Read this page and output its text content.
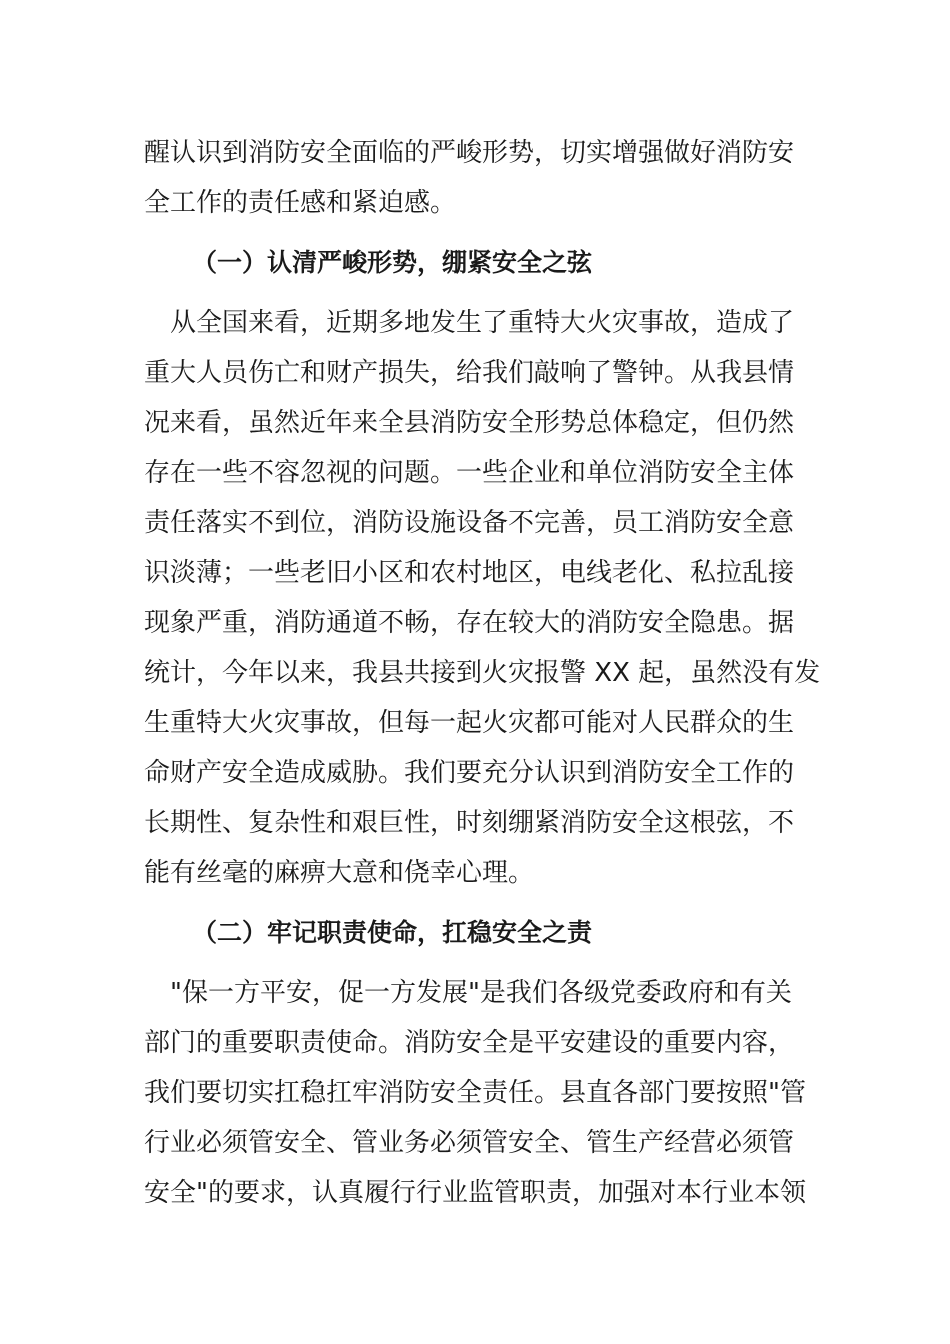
醒认识到消防安全面临的严峻形势，切实增强做好消防安
全工作的责任感和紧迫感。
（一）认清严峻形势，绷紧安全之弦
　从全国来看，近期多地发生了重特大火灾事故，造成了
重大人员伤亡和财产损失，给我们敲响了警钟。从我县情
况来看，虽然近年来全县消防安全形势总体稳定，但仍然
存在一些不容忽视的问题。一些企业和单位消防安全主体
责任落实不到位，消防设施设备不完善，员工消防安全意
识淡薄；一些老旧小区和农村地区，电线老化、私拉乱接
现象严重，消防通道不畅，存在较大的消防安全隐患。据
统计，今年以来，我县共接到火灾报警 XX 起，虽然没有发
生重特大火灾事故，但每一起火灾都可能对人民群众的生
命财产安全造成威胁。我们要充分认识到消防安全工作的
长期性、复杂性和艰巨性，时刻绷紧消防安全这根弦，不
能有丝毫的麻痹大意和侥幸心理。
（二）牢记职责使命，扛稳安全之责
　"保一方平安，促一方发展"是我们各级党委政府和有关
部门的重要职责使命。消防安全是平安建设的重要内容，
我们要切实扛稳扛牢消防安全责任。县直各部门要按照"管
行业必须管安全、管业务必须管安全、管生产经营必须管
安全"的要求，认真履行行业监管职责，加强对本行业本领
